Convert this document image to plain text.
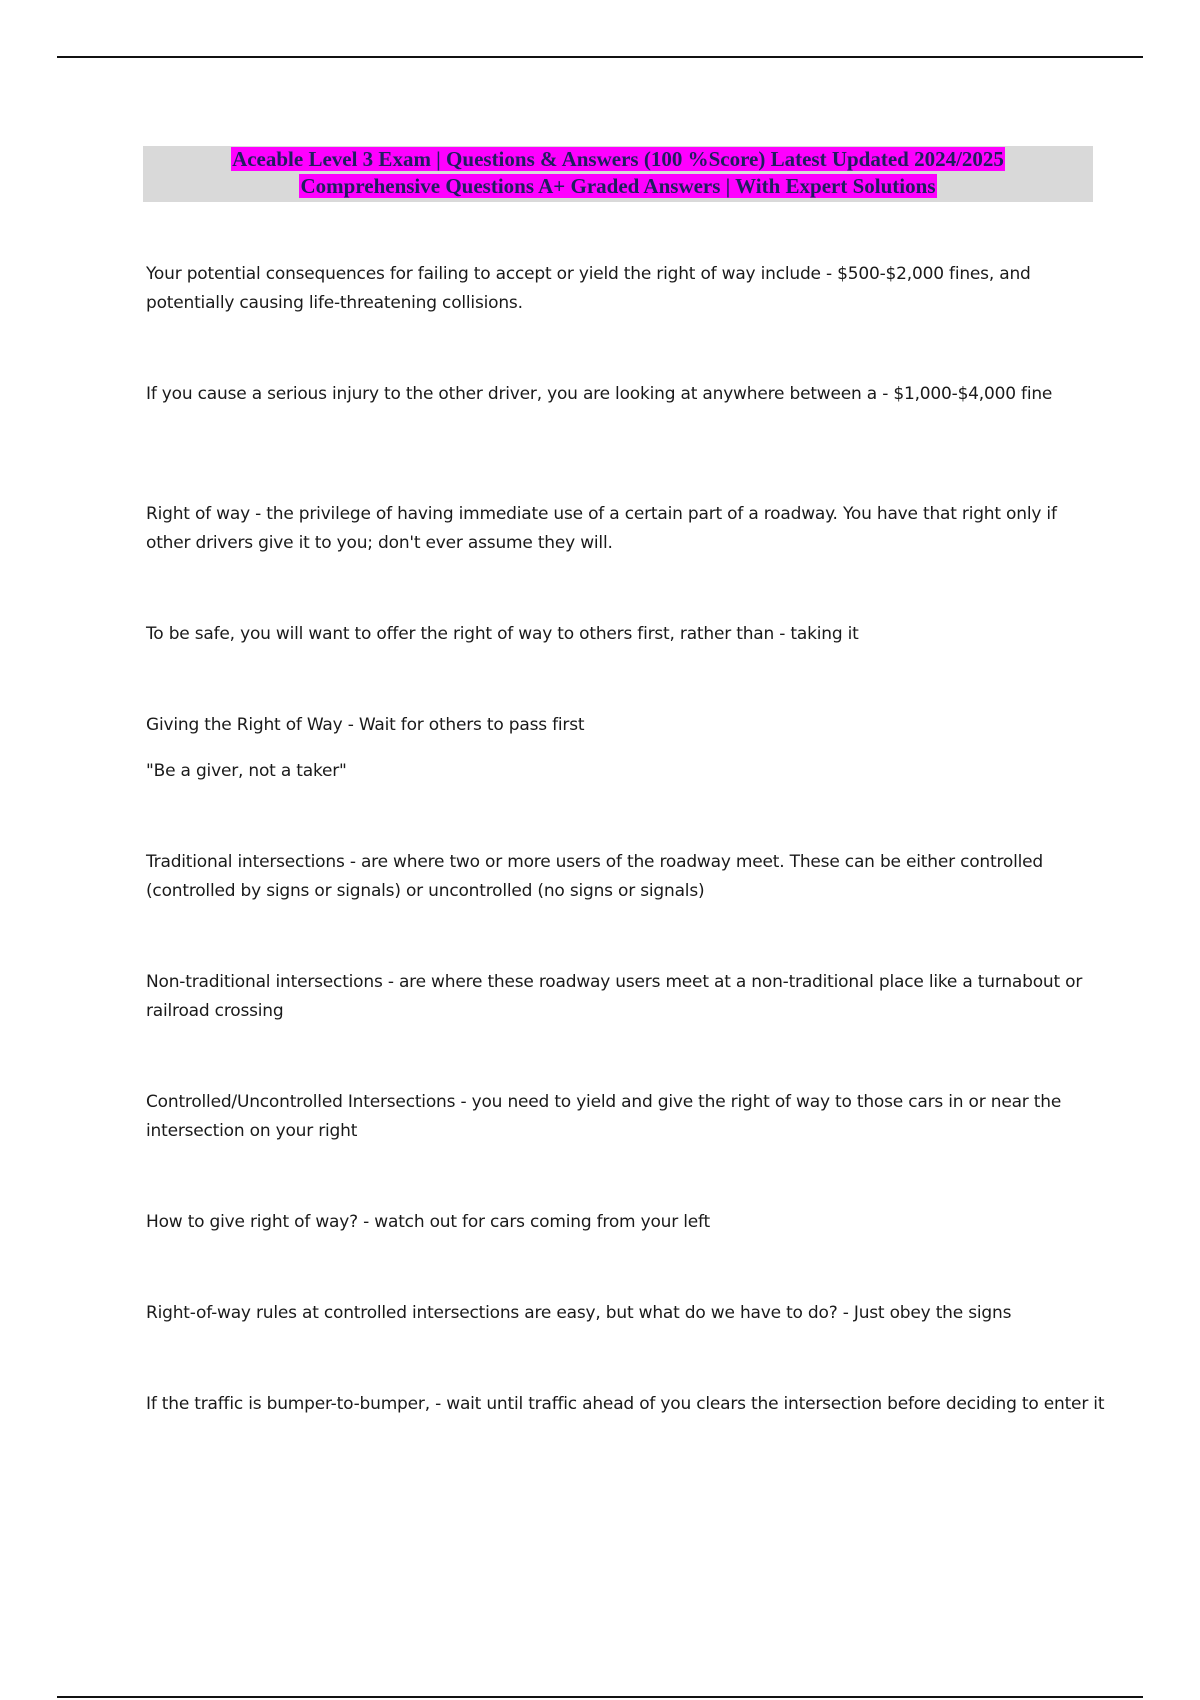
Aceable Level 3 Exam | Questions & Answers (100 %Score) Latest Updated 2024/2025
Comprehensive Questions A+ Graded Answers | With Expert Solutions

Your potential consequences for failing to accept or yield the right of way include - $500-$2,000 fines, and potentially causing life-threatening collisions.

If you cause a serious injury to the other driver, you are looking at anywhere between a - $1,000-$4,000 fine

Right of way - the privilege of having immediate use of a certain part of a roadway. You have that right only if other drivers give it to you; don't ever assume they will.

To be safe, you will want to offer the right of way to others first, rather than - taking it

Giving the Right of Way - Wait for others to pass first

"Be a giver, not a taker"

Traditional intersections - are where two or more users of the roadway meet. These can be either controlled (controlled by signs or signals) or uncontrolled (no signs or signals)

Non-traditional intersections - are where these roadway users meet at a non-traditional place like a turnabout or railroad crossing

Controlled/Uncontrolled Intersections - you need to yield and give the right of way to those cars in or near the intersection on your right

How to give right of way? - watch out for cars coming from your left

Right-of-way rules at controlled intersections are easy, but what do we have to do? - Just obey the signs

If the traffic is bumper-to-bumper, - wait until traffic ahead of you clears the intersection before deciding to enter it
